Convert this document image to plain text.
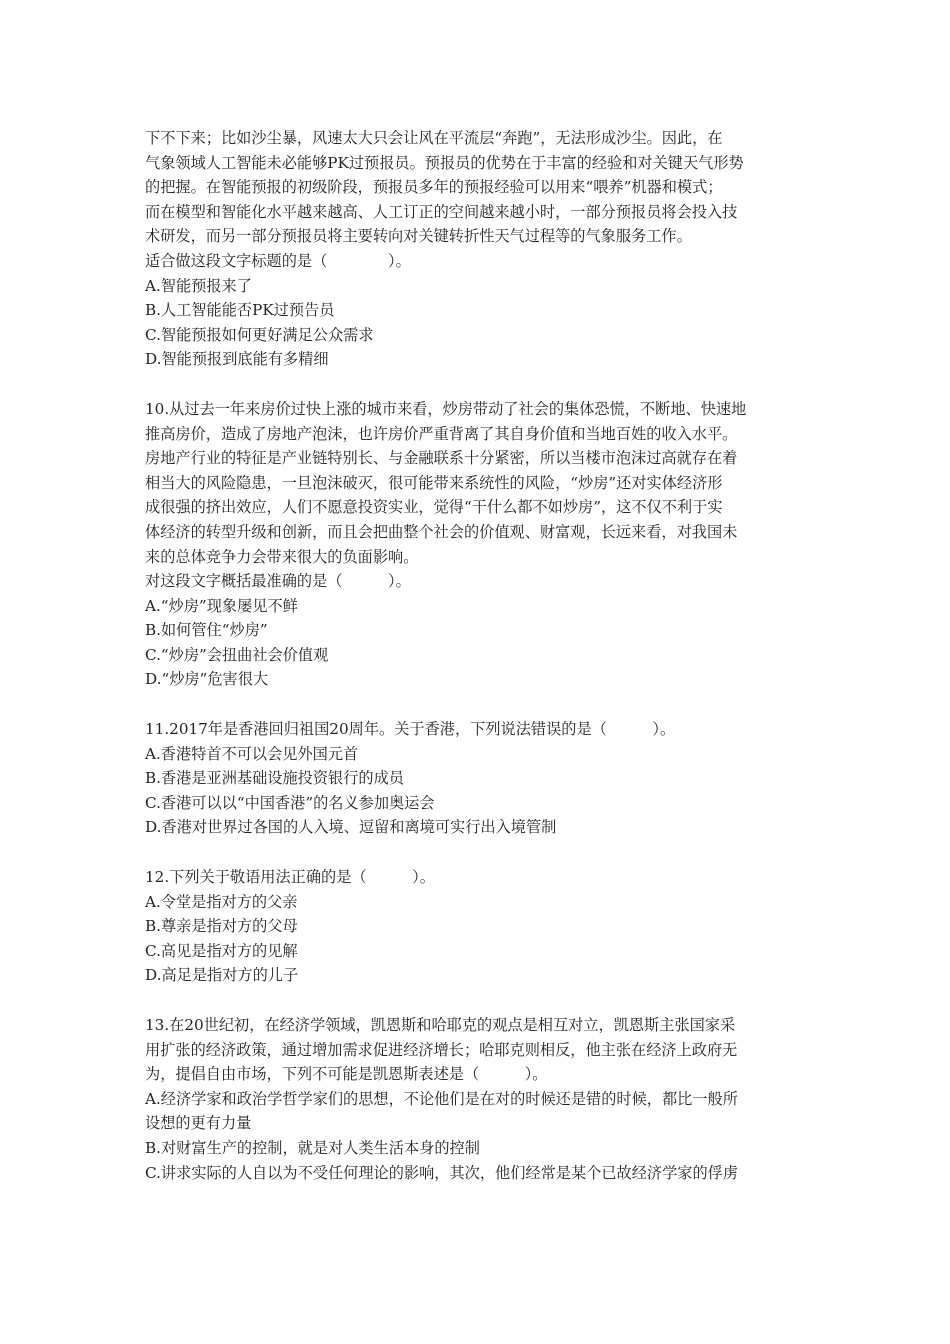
下不下来；比如沙尘暴，风速太大只会让风在平流层“奔跑”，无法形成沙尘。因此，在
气象领域人工智能未必能够PK过预报员。预报员的优势在于丰富的经验和对关键天气形势
的把握。在智能预报的初级阶段，预报员多年的预报经验可以用来“喂养”机器和模式；
而在模型和智能化水平越来越高、人工订正的空间越来越小时，一部分预报员将会投入技
术研发，而另一部分预报员将主要转向对关键转折性天气过程等的气象服务工作。
适合做这段文字标题的是（　　　　）。
A.智能预报来了
B.人工智能能否PK过预告员
C.智能预报如何更好满足公众需求
D.智能预报到底能有多精细
10.从过去一年来房价过快上涨的城市来看，炒房带动了社会的集体恐慌，不断地、快速地
推高房价，造成了房地产泡沫，也许房价严重背离了其自身价值和当地百姓的收入水平。
房地产行业的特征是产业链特别长、与金融联系十分紧密，所以当楼市泡沫过高就存在着
相当大的风险隐患，一旦泡沫破灭，很可能带来系统性的风险，“炒房”还对实体经济形
成很强的挤出效应，人们不愿意投资实业，觉得“干什么都不如炒房”，这不仅不利于实
体经济的转型升级和创新，而且会把曲整个社会的价值观、财富观，长远来看，对我国未
来的总体竞争力会带来很大的负面影响。
对这段文字概括最准确的是（　　　）。
A.“炒房”现象屡见不鲜
B.如何管住“炒房”
C.“炒房”会扭曲社会价值观
D.“炒房”危害很大
11.2017年是香港回归祖国20周年。关于香港，下列说法错误的是（　　　）。
A.香港特首不可以会见外国元首
B.香港是亚洲基础设施投资银行的成员
C.香港可以以“中国香港”的名义参加奥运会
D.香港对世界过各国的人入境、逗留和离境可实行出入境管制
12.下列关于敬语用法正确的是（　　　）。
A.令堂是指对方的父亲
B.尊亲是指对方的父母
C.高见是指对方的见解
D.高足是指对方的儿子
13.在20世纪初，在经济学领域，凯恩斯和哈耶克的观点是相互对立，凯恩斯主张国家采
用扩张的经济政策，通过增加需求促进经济增长；哈耶克则相反，他主张在经济上政府无
为，提倡自由市场，下列不可能是凯恩斯表述是（　　　）。
A.经济学家和政治学哲学家们的思想，不论他们是在对的时候还是错的时候，都比一般所
设想的更有力量
B.对财富生产的控制，就是对人类生活本身的控制
C.讲求实际的人自以为不受任何理论的影响，其次，他们经常是某个已故经济学家的俘虏
